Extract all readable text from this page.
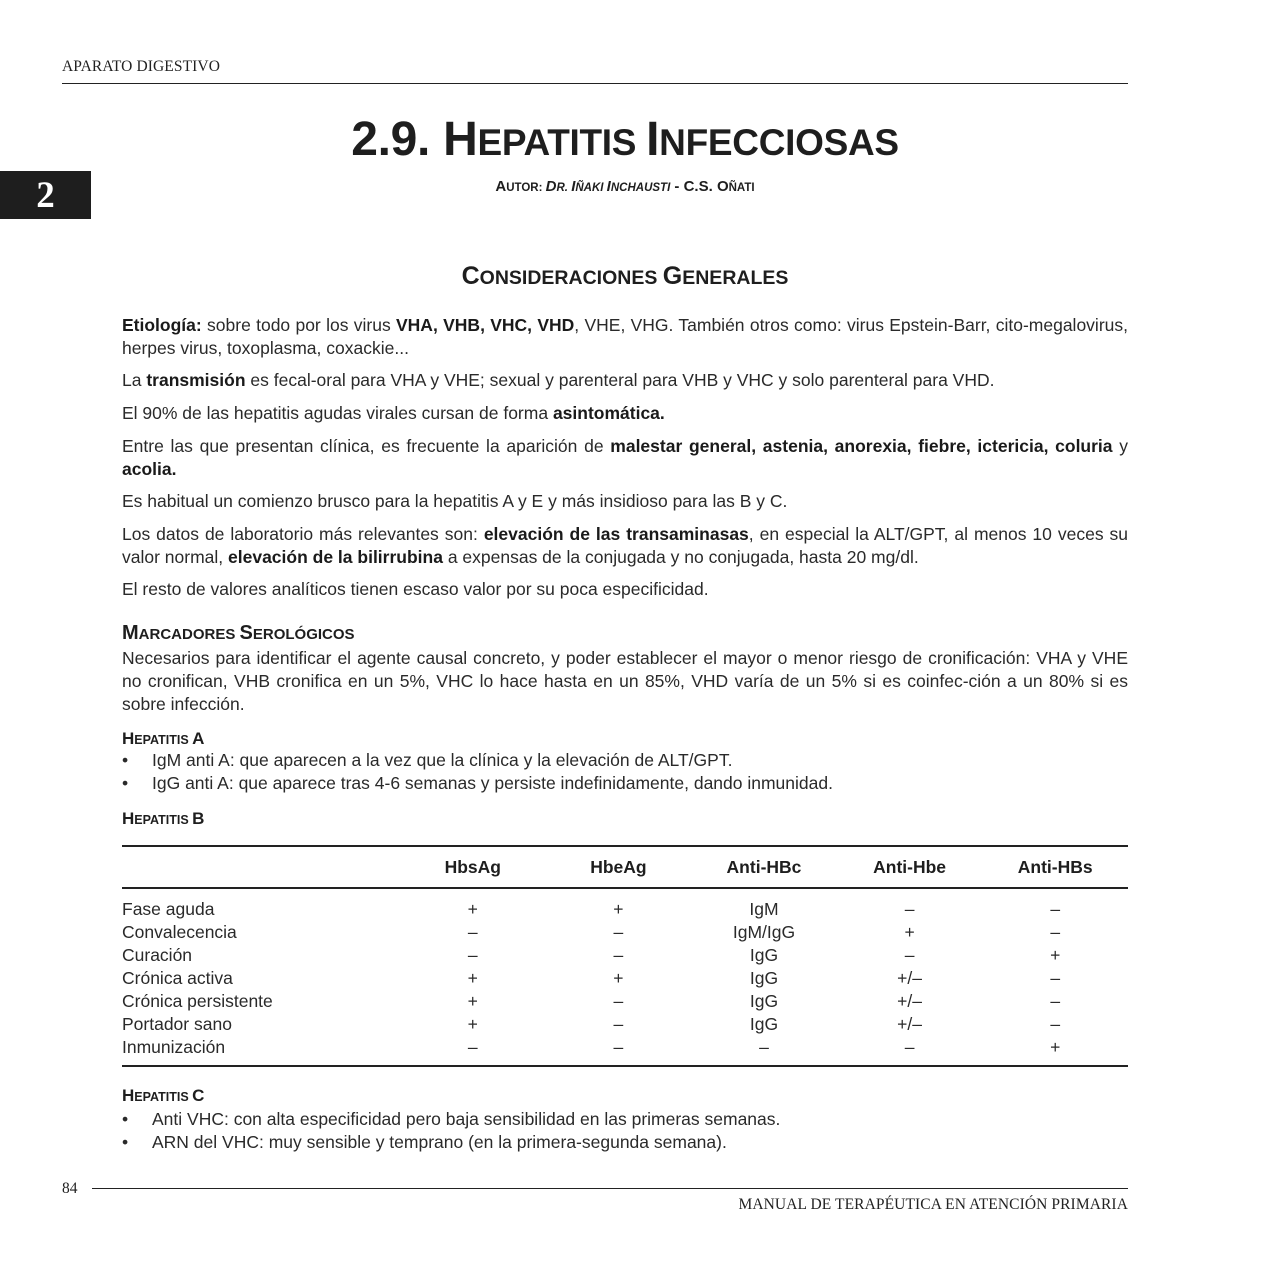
APARATO DIGESTIVO
2
2.9. HEPATITIS INFECCIOSAS
AUTOR: DR. IÑAKI INCHAUSTI - C.S. OÑATI
CONSIDERACIONES GENERALES

Etiología: sobre todo por los virus VHA, VHB, VHC, VHD, VHE, VHG. También otros como: virus Epstein-Barr, cito-megalovirus, herpes virus, toxoplasma, coxackie...

La transmisión es fecal-oral para VHA y VHE; sexual y parenteral para VHB y VHC y solo parenteral para VHD.

El 90% de las hepatitis agudas virales cursan de forma asintomática.

Entre las que presentan clínica, es frecuente la aparición de malestar general, astenia, anorexia, fiebre, ictericia, coluria y acolia.

Es habitual un comienzo brusco para la hepatitis A y E y más insidioso para las B y C.

Los datos de laboratorio más relevantes son: elevación de las transaminasas, en especial la ALT/GPT, al menos 10 veces su valor normal, elevación de la bilirrubina a expensas de la conjugada y no conjugada, hasta 20 mg/dl.

El resto de valores analíticos tienen escaso valor por su poca especificidad.

MARCADORES SEROLÓGICOS

Necesarios para identificar el agente causal concreto, y poder establecer el mayor o menor riesgo de cronificación: VHA y VHE no cronifican, VHB cronifica en un 5%, VHC lo hace hasta en un 85%, VHD varía de un 5% si es coinfec-ción a un 80% si es sobre infección.

HEPATITIS A
• IgM anti A: que aparecen a la vez que la clínica y la elevación de ALT/GPT.
• IgG anti A: que aparece tras 4-6 semanas y persiste indefinidamente, dando inmunidad.
HEPATITIS B
	HbsAg	HbeAg	Anti-HBc	Anti-Hbe	Anti-HBs
Fase aguda	+	+	IgM	–	–
Convalecencia	–	–	IgM/IgG	+	–
Curación	–	–	IgG	–	+
Crónica activa	+	+	IgG	+/–	–
Crónica persistente	+	–	IgG	+/–	–
Portador sano	+	–	IgG	+/–	–
Inmunización	–	–	–	–	+
HEPATITIS C
• Anti VHC: con alta especificidad pero baja sensibilidad en las primeras semanas.
• ARN del VHC: muy sensible y temprano (en la primera-segunda semana).
84
MANUAL DE TERAPÉUTICA EN ATENCIÓN PRIMARIA
